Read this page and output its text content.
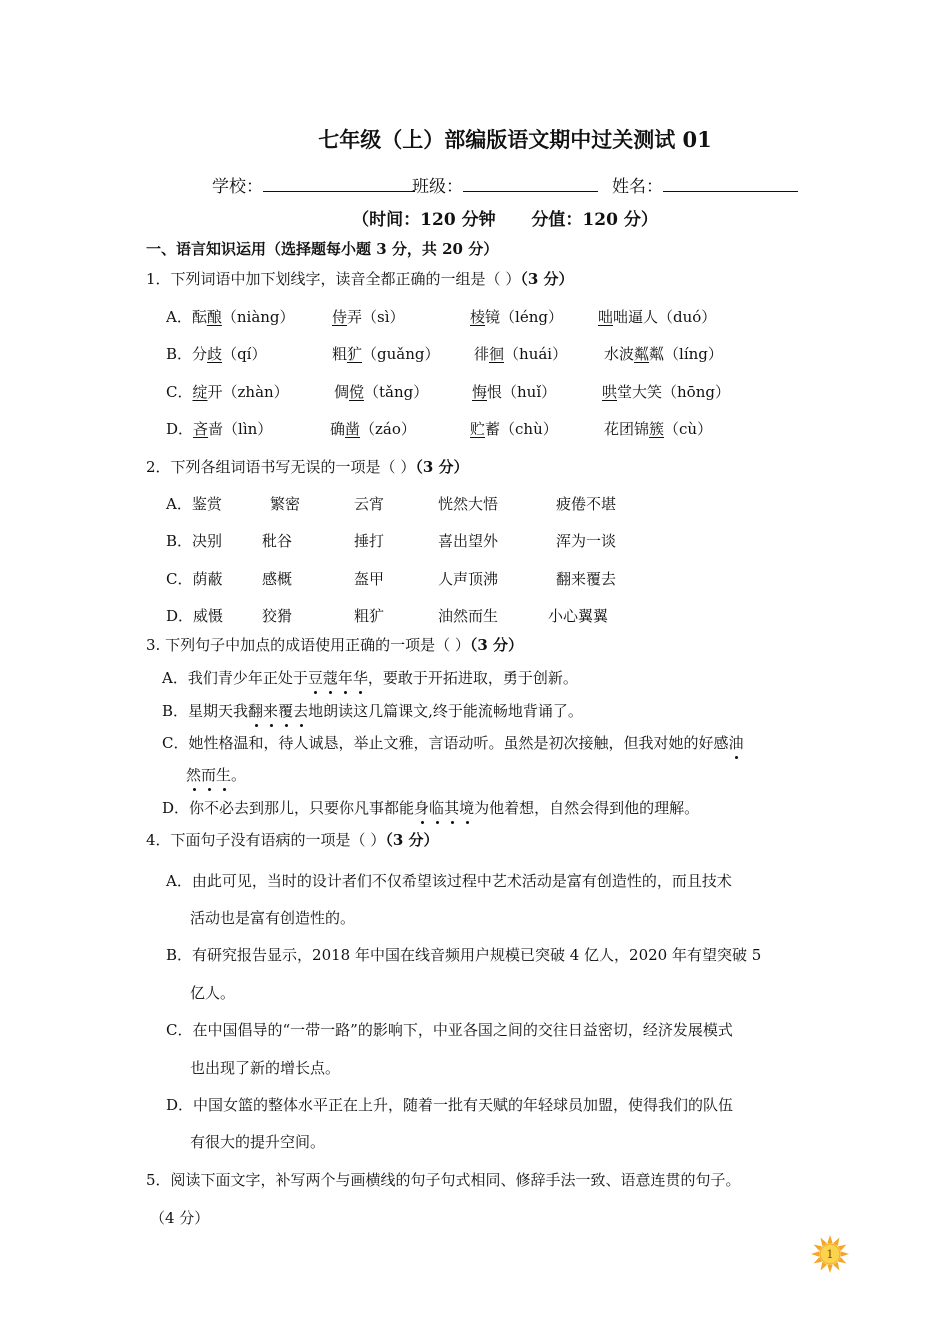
七年级（上）部编版语文期中过关测试 01
学校：	班级：	姓名：
（时间：120 分钟 分值：120 分）
一、语言知识运用（选择题每小题 3 分，共 20 分）
1．下列词语中加下划线字，读音全都正确的一组是（ ）（3 分）
A．酝酿（niàng） 侍弄（sì）	棱镜（léng） 咄咄逼人（duó）
B．分歧（qí）	粗犷（guǎng） 徘徊（huái） 水波粼粼（líng）
C．绽开（zhàn）	倜傥（tǎng）	悔恨（huǐ）	哄堂大笑（hōng）
D．吝啬（lìn）	确凿（záo）	贮蓄（chù）	花团锦簇（cù）
2．下列各组词语书写无误的一项是（ ）（3 分）
A．鉴赏	繁密	云宵	恍然大悟	疲倦不堪
B．决别	秕谷	捶打	喜出望外	浑为一谈
C．荫蔽	感概	盔甲	人声顶沸	翻来覆去
D．威慑	狡猾	粗犷	油然而生	小心翼翼
3. 下列句子中加点的成语使用正确的一项是（ ）（3 分）
A．我们青少年正处于豆蔻年华，要敢于开拓进取，勇于创新。
B．星期天我翻来覆去地朗读这几篇课文,终于能流畅地背诵了。
C．她性格温和，待人诚恳，举止文雅，言语动听。虽然是初次接触，但我对她的好感油
然而生。
D．你不必去到那儿，只要你凡事都能身临其境为他着想，自然会得到他的理解。
4．下面句子没有语病的一项是（ ）（3 分）
A．由此可见，当时的设计者们不仅希望该过程中艺术活动是富有创造性的，而且技术
活动也是富有创造性的。
B．有研究报告显示，2018 年中国在线音频用户规模已突破 4 亿人，2020 年有望突破 5
亿人。
C．在中国倡导的“一带一路”的影响下，中亚各国之间的交往日益密切，经济发展模式
也出现了新的增长点。
D．中国女篮的整体水平正在上升，随着一批有天赋的年轻球员加盟，使得我们的队伍
有很大的提升空间。
5．阅读下面文字，补写两个与画横线的句子句式相同、修辞手法一致、语意连贯的句子。
（4 分）
1
